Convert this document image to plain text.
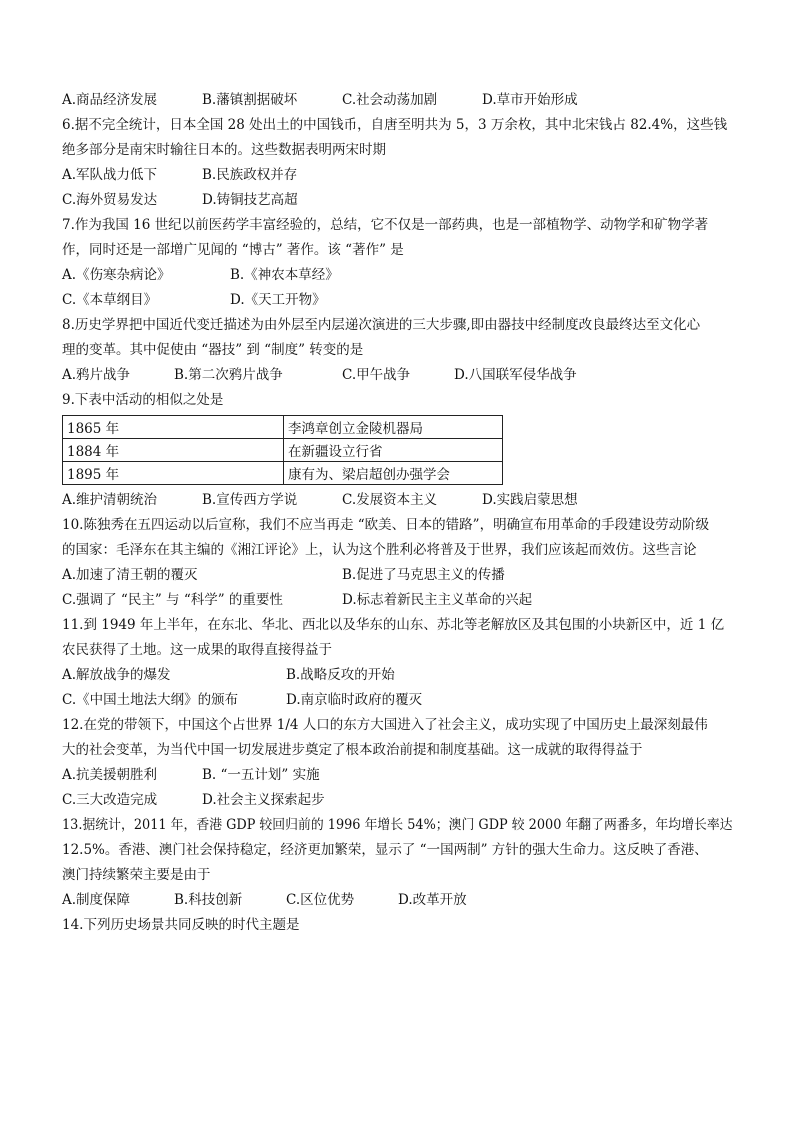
A.商品经济发展	B.藩镇割据破坏	C.社会动荡加剧	D.草市开始形成
6.据不完全统计，日本全国 28 处出土的中国钱币，自唐至明共为 5，3 万余枚，其中北宋钱占 82.4%，这些钱
绝多部分是南宋时输往日本的。这些数据表明两宋时期
A.军队战力低下	B.民族政权并存
C.海外贸易发达	D.铸铜技艺高超
7.作为我国 16 世纪以前医药学丰富经验的，总结，它不仅是一部药典，也是一部植物学、动物学和矿物学著
作，同时还是一部增广见闻的 “博古” 著作。该 “著作” 是
A.《伤寒杂病论》	B.《神农本草经》
C.《本草纲目》	D.《天工开物》
8.历史学界把中国近代变迁描述为由外层至内层递次演进的三大步骤,即由器技中经制度改良最终达至文化心
理的变革。其中促使由 “器技” 到 “制度” 转变的是
A.鸦片战争	B.第二次鸦片战争	C.甲午战争	D.八国联军侵华战争
9.下表中活动的相似之处是
1865 年	李鸿章创立金陵机器局
1884 年	在新疆设立行省
1895 年	康有为、梁启超创办强学会
A.维护清朝统治	B.宣传西方学说	C.发展资本主义	D.实践启蒙思想
10.陈独秀在五四运动以后宣称，我们不应当再走 “欧美、日本的错路”，明确宣布用革命的手段建设劳动阶级
的国家：毛泽东在其主编的《湘江评论》上，认为这个胜利必将普及于世界，我们应该起而效仿。这些言论
A.加速了清王朝的覆灭	B.促进了马克思主义的传播
C.强调了 “民主” 与 “科学” 的重要性	D.标志着新民主主义革命的兴起
11.到 1949 年上半年，在东北、华北、西北以及华东的山东、苏北等老解放区及其包围的小块新区中，近 1 亿
农民获得了土地。这一成果的取得直接得益于
A.解放战争的爆发	B.战略反攻的开始
C.《中国土地法大纲》的颁布	D.南京临时政府的覆灭
12.在党的带领下，中国这个占世界 1/4 人口的东方大国进入了社会主义，成功实现了中国历史上最深刻最伟
大的社会变革，为当代中国一切发展进步奠定了根本政治前提和制度基础。这一成就的取得得益于
A.抗美援朝胜利	B. “一五计划” 实施
C.三大改造完成	D.社会主义探索起步
13.据统计，2011 年，香港 GDP 较回归前的 1996 年增长 54%；澳门 GDP 较 2000 年翻了两番多，年均增长率达
12.5%。香港、澳门社会保持稳定，经济更加繁荣，显示了 “一国两制” 方针的强大生命力。这反映了香港、
澳门持续繁荣主要是由于
A.制度保障	B.科技创新	C.区位优势	D.改革开放
14.下列历史场景共同反映的时代主题是
